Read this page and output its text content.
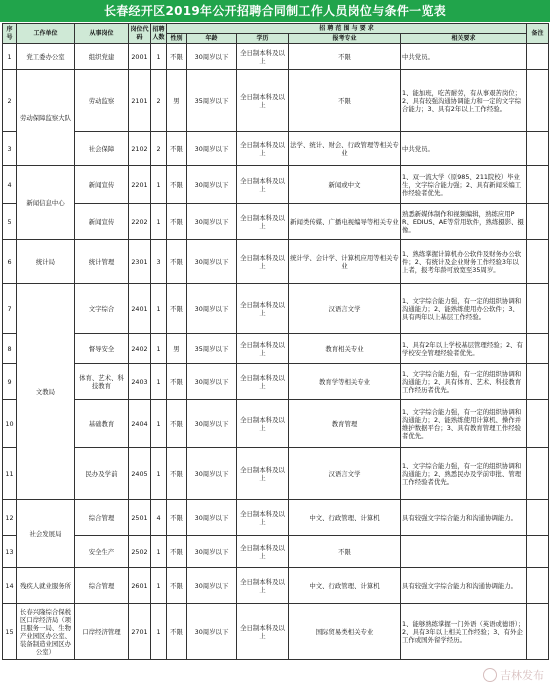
长春经开区2019年公开招聘合同制工作人员岗位与条件一览表
序号	工作单位	从事岗位	岗位代码	招聘人数	招 聘 范 围 与 要 求					备注
					性别	年龄	学历	报考专业	相关要求	
1	党工委办公室	组织党建	2001	1	不限	30周岁以下	全日制本科及以上	不限	中共党员。	
2	劳动保障监察大队	劳动监察	2101	2	男	35周岁以下	全日制本科及以上	不限	1、能加班，吃苦耐劳，有从事艰苦岗位；2、具有较强沟通协调能力和一定的文字综合能力；3、具有2年以上工作经验。	
3		社会保障	2102	2	不限	30周岁以下	全日制本科及以上	法学、统计、财会、行政管理等相关专业	中共党员。	
4	新闻信息中心	新闻宣传	2201	1	不限	30周岁以下	全日制本科及以上	新闻或中文	1、双一流大学（原985、211院校）毕业生，文字综合能力强；2、具有新闻采编工作经验者优先。	
5		新闻宣传	2202	1	不限	30周岁以下	全日制本科及以上	新闻类传媒、广播电视编导等相关专业	熟悉新媒体制作和视频编辑，熟练应用PR、EDIUS、AE等常用软件，熟练摄影、摄像。	
6	统计局	统计管理	2301	3	不限	30周岁以下	全日制本科及以上	统计学、会计学、计算机应用等相关专业	1、熟练掌握计算机办公软件及财务办公软件；2、有统计及企业财务工作经验3年以上者，报考年龄可放宽至35周岁。	
7	文教局	文字综合	2401	1	不限	30周岁以下	全日制本科及以上	汉语言文学	1、文字综合能力强，有一定的组织协调和沟通能力；2、能熟练使用办公软件；3、具有两年以上基层工作经验。	
8		督导安全	2402	1	男	35周岁以下	全日制本科及以上	教育相关专业	1、具有2年以上学校基层管理经验；2、有学校安全管理经验者优先。	
9		体育、艺术、科技教育	2403	1	不限	30周岁以下	全日制本科及以上	教育学等相关专业	1、文字综合能力强，有一定的组织协调和沟通能力；2、具有体育、艺术、科技教育工作经历者优先。	
10		基础教育	2404	1	不限	30周岁以下	全日制本科及以上	教育管理	1、文字综合能力强，有一定的组织协调和沟通能力；2、能熟练使用计算机、操作并维护数据平台；3、具有教育管理工作经验者优先。	
11		民办及学前	2405	1	不限	30周岁以下	全日制本科及以上	汉语言文学	1、文字综合能力强，有一定的组织协调和沟通能力；2、熟悉民办及学前审批、管理工作经验者优先。	
12	社会发展局	综合管理	2501	4	不限	30周岁以下	全日制本科及以上	中文、行政管理、计算机	具有较强文字综合能力和沟通协调能力。	
13		安全生产	2502	1	不限	30周岁以下	全日制本科及以上	不限		
14	残疾人就业服务所	综合管理	2601	1	不限	30周岁以下	全日制本科及以上	中文、行政管理、计算机	具有较强文字综合能力和沟通协调能力。	
15	长春兴隆综合保税区口岸经济局（项目服务一局、生物产业园区办公室、装备制造业园区办公室）	口岸经济管理	2701	1	不限	30周岁以下	全日制本科及以上	国际贸易类相关专业	1、能够熟练掌握一门外语（英语或德语）；2、具有3年以上相关工作经验；3、有外企工作或国外留学经历。	
吉林发布
